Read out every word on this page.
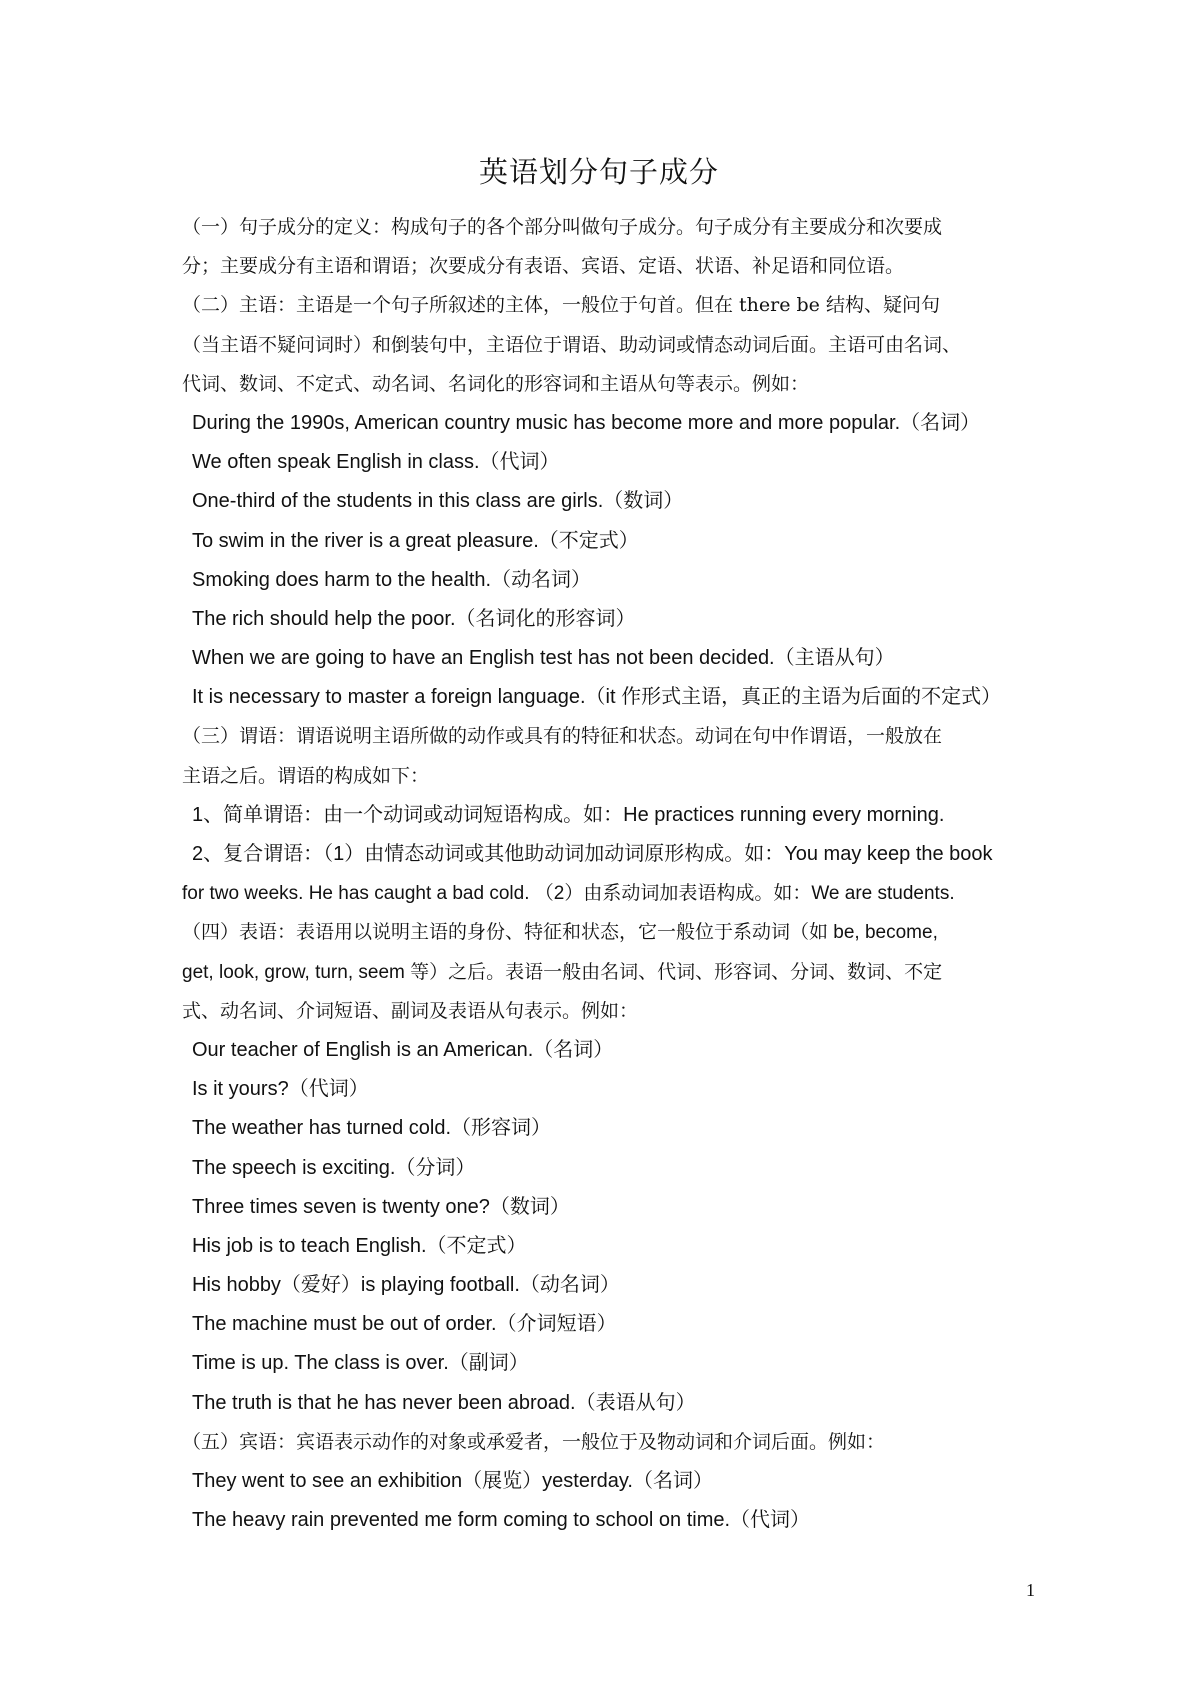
英语划分句子成分
（一）句子成分的定义：构成句子的各个部分叫做句子成分。句子成分有主要成分和次要成
分；主要成分有主语和谓语；次要成分有表语、宾语、定语、状语、补足语和同位语。
（二）主语：主语是一个句子所叙述的主体，一般位于句首。但在 there be 结构、疑问句
（当主语不疑问词时）和倒装句中，主语位于谓语、助动词或情态动词后面。主语可由名词、
代词、数词、不定式、动名词、名词化的形容词和主语从句等表示。例如：
During the 1990s, American country music has become more and more popular.（名词）
We often speak English in class.（代词）
One-third of the students in this class are girls.（数词）
To swim in the river is a great pleasure.（不定式）
Smoking does harm to the health.（动名词）
The rich should help the poor.（名词化的形容词）
When we are going to have an English test has not been decided.（主语从句）
It is necessary to master a foreign language.（it 作形式主语，真正的主语为后面的不定式）
（三）谓语：谓语说明主语所做的动作或具有的特征和状态。动词在句中作谓语，一般放在
主语之后。谓语的构成如下：
1、简单谓语：由一个动词或动词短语构成。如：He practices running every morning.
2、复合谓语：（1）由情态动词或其他助动词加动词原形构成。如：You may keep the book
for two weeks. He has caught a bad cold. （2）由系动词加表语构成。如：We are students.
（四）表语：表语用以说明主语的身份、特征和状态，它一般位于系动词（如 be, become,
get, look, grow, turn, seem 等）之后。表语一般由名词、代词、形容词、分词、数词、不定
式、动名词、介词短语、副词及表语从句表示。例如：
Our teacher of English is an American.（名词）
Is it yours?（代词）
The weather has turned cold.（形容词）
The speech is exciting.（分词）
Three times seven is twenty one?（数词）
His job is to teach English.（不定式）
His hobby（爱好）is playing football.（动名词）
The machine must be out of order.（介词短语）
Time is up. The class is over.（副词）
The truth is that he has never been abroad.（表语从句）
（五）宾语：宾语表示动作的对象或承爱者，一般位于及物动词和介词后面。例如：
They went to see an exhibition（展览）yesterday.（名词）
The heavy rain prevented me form coming to school on time.（代词）
1
